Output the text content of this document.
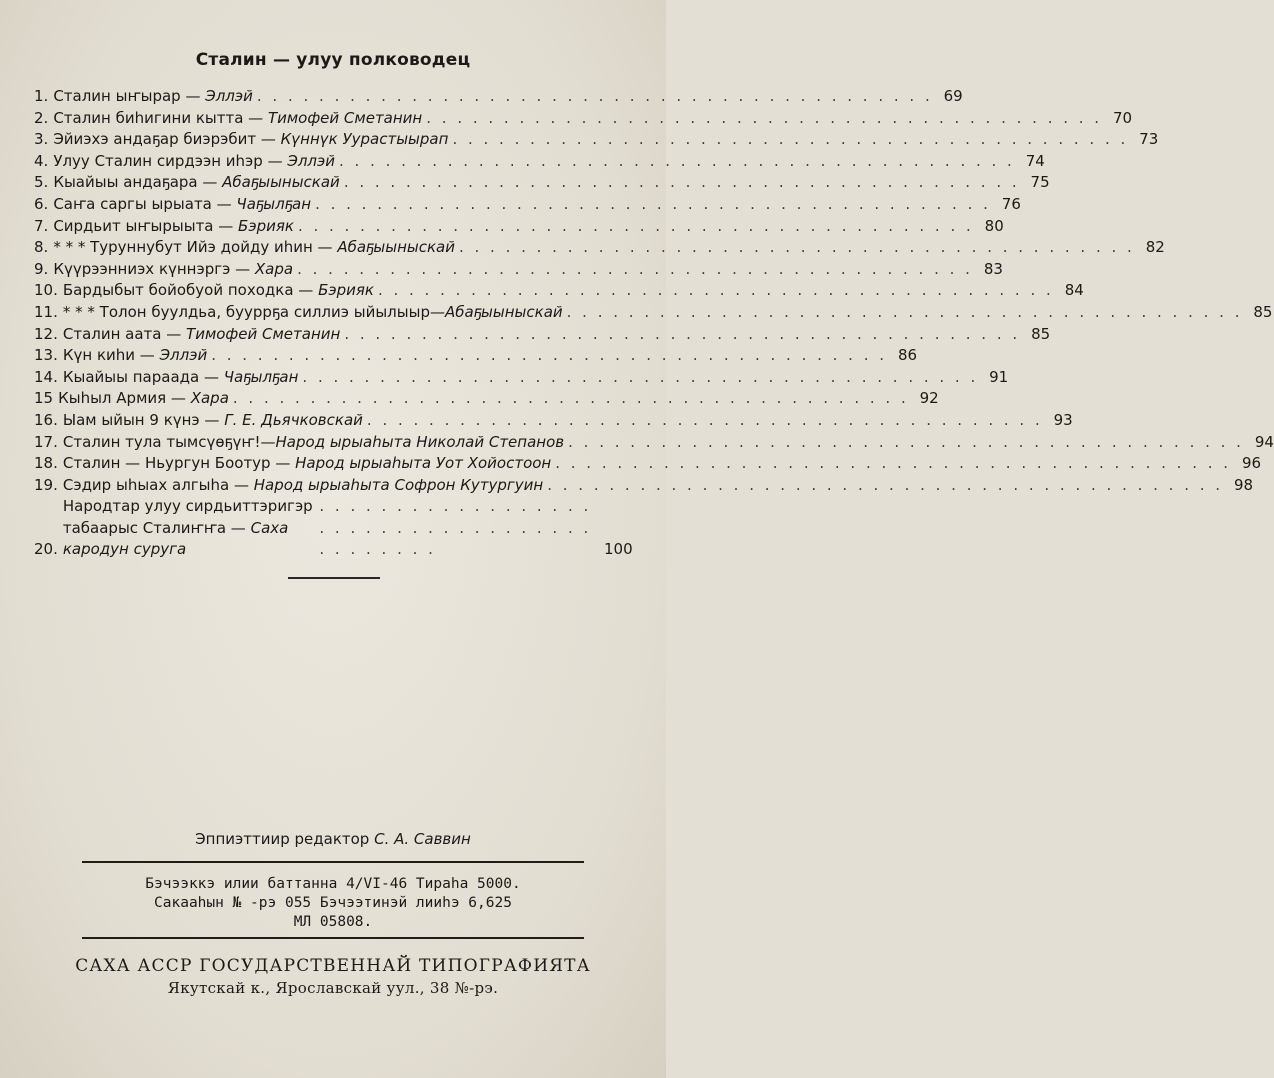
Сталин — улуу полководец
1. Сталин ыҥырар — Эллэй . . . . . . . . . . . . . . . . . . . . . . . . . . . . . . . . . . . . . . . . . . . . 69
2. Сталин биһигини кытта — Тимофей Сметанин . . . . . . . . . . . . . . . . . . . . . . . . . . . . . . . . . . . . . . . . . . . . 70
3. Эйиэхэ андаҕар биэрэбит — Күннүк Уурастыырап . . . . . . . . . . . . . . . . . . . . . . . . . . . . . . . . . . . . . . . . . . . . 73
4. Улуу Сталин сирдээн иһэр — Эллэй . . . . . . . . . . . . . . . . . . . . . . . . . . . . . . . . . . . . . . . . . . . . 74
5. Кыайыы андаҕара — Абаҕыыныскай . . . . . . . . . . . . . . . . . . . . . . . . . . . . . . . . . . . . . . . . . . . . 75
6. Саҥа саргы ырыата — Чаҕылҕан . . . . . . . . . . . . . . . . . . . . . . . . . . . . . . . . . . . . . . . . . . . . 76
7. Сирдьит ыҥырыыта — Бэрияк . . . . . . . . . . . . . . . . . . . . . . . . . . . . . . . . . . . . . . . . . . . . 80
8. * * * Туруннубут Ийэ дойду иһин — Абаҕыыныскай . . . . . . . . . . . . . . . . . . . . . . . . . . . . . . . . . . . . . . . . . . . . 82
9. Күүрээнниэх күннэргэ — Хара . . . . . . . . . . . . . . . . . . . . . . . . . . . . . . . . . . . . . . . . . . . . 83
10. Бардыбыт бойобуой походка — Бэрияк . . . . . . . . . . . . . . . . . . . . . . . . . . . . . . . . . . . . . . . . . . . . 84
11. * * * Толон буулдьа, бууррҕа силлиэ ыйылыыр—Абаҕыыныскай . . . . . . . . . . . . . . . . . . . . . . . . . . . . . . . . . . . . . . . . . . . . 85
12. Сталин аата — Тимофей Сметанин . . . . . . . . . . . . . . . . . . . . . . . . . . . . . . . . . . . . . . . . . . . . 85
13. Күн киһи — Эллэй . . . . . . . . . . . . . . . . . . . . . . . . . . . . . . . . . . . . . . . . . . . . 86
14. Кыайыы параада — Чаҕылҕан . . . . . . . . . . . . . . . . . . . . . . . . . . . . . . . . . . . . . . . . . . . . 91
15 Кыһыл Армия — Хара . . . . . . . . . . . . . . . . . . . . . . . . . . . . . . . . . . . . . . . . . . . . 92
16. Ыам ыйын 9 күнэ — Г. Е. Дьячковскай . . . . . . . . . . . . . . . . . . . . . . . . . . . . . . . . . . . . . . . . . . . . 93
17. Сталин тула тымсүөҕүҥ!—Народ ырыаһыта Николай Степанов . . . . . . . . . . . . . . . . . . . . . . . . . . . . . . . . . . . . . . . . . . . . 94
18. Сталин — Ньургун Боотур — Народ ырыаһыта Уот Хойостоон . . . . . . . . . . . . . . . . . . . . . . . . . . . . . . . . . . . . . . . . . . . . 96
19. Сэдир ыһыах алгыһа — Народ ырыаһыта Софрон Кутургуин . . . . . . . . . . . . . . . . . . . . . . . . . . . . . . . . . . . . . . . . . . . . 98
20.
Народтар улуу сирдьиттэригэр табаарыс Сталиҥҥа — Саха кародун суруга
. . . . . . . . . . . . . . . . . . . . . . . . . . . . . . . . . . . . . . . . . . . .	100
Эппиэттиир редактор С. А. Саввин
Бэчээккэ илии баттанна 4/VI-46 Тираһа 5000.
Сакааһын № -рэ 055 Бэчээтинэй лииһэ 6,625
МЛ 05808.
САХА АССР ГОСУДАРСТВЕННАЙ ТИПОГРАФИЯТА
Якутскай к., Ярославскай уул., 38 №-рэ.
